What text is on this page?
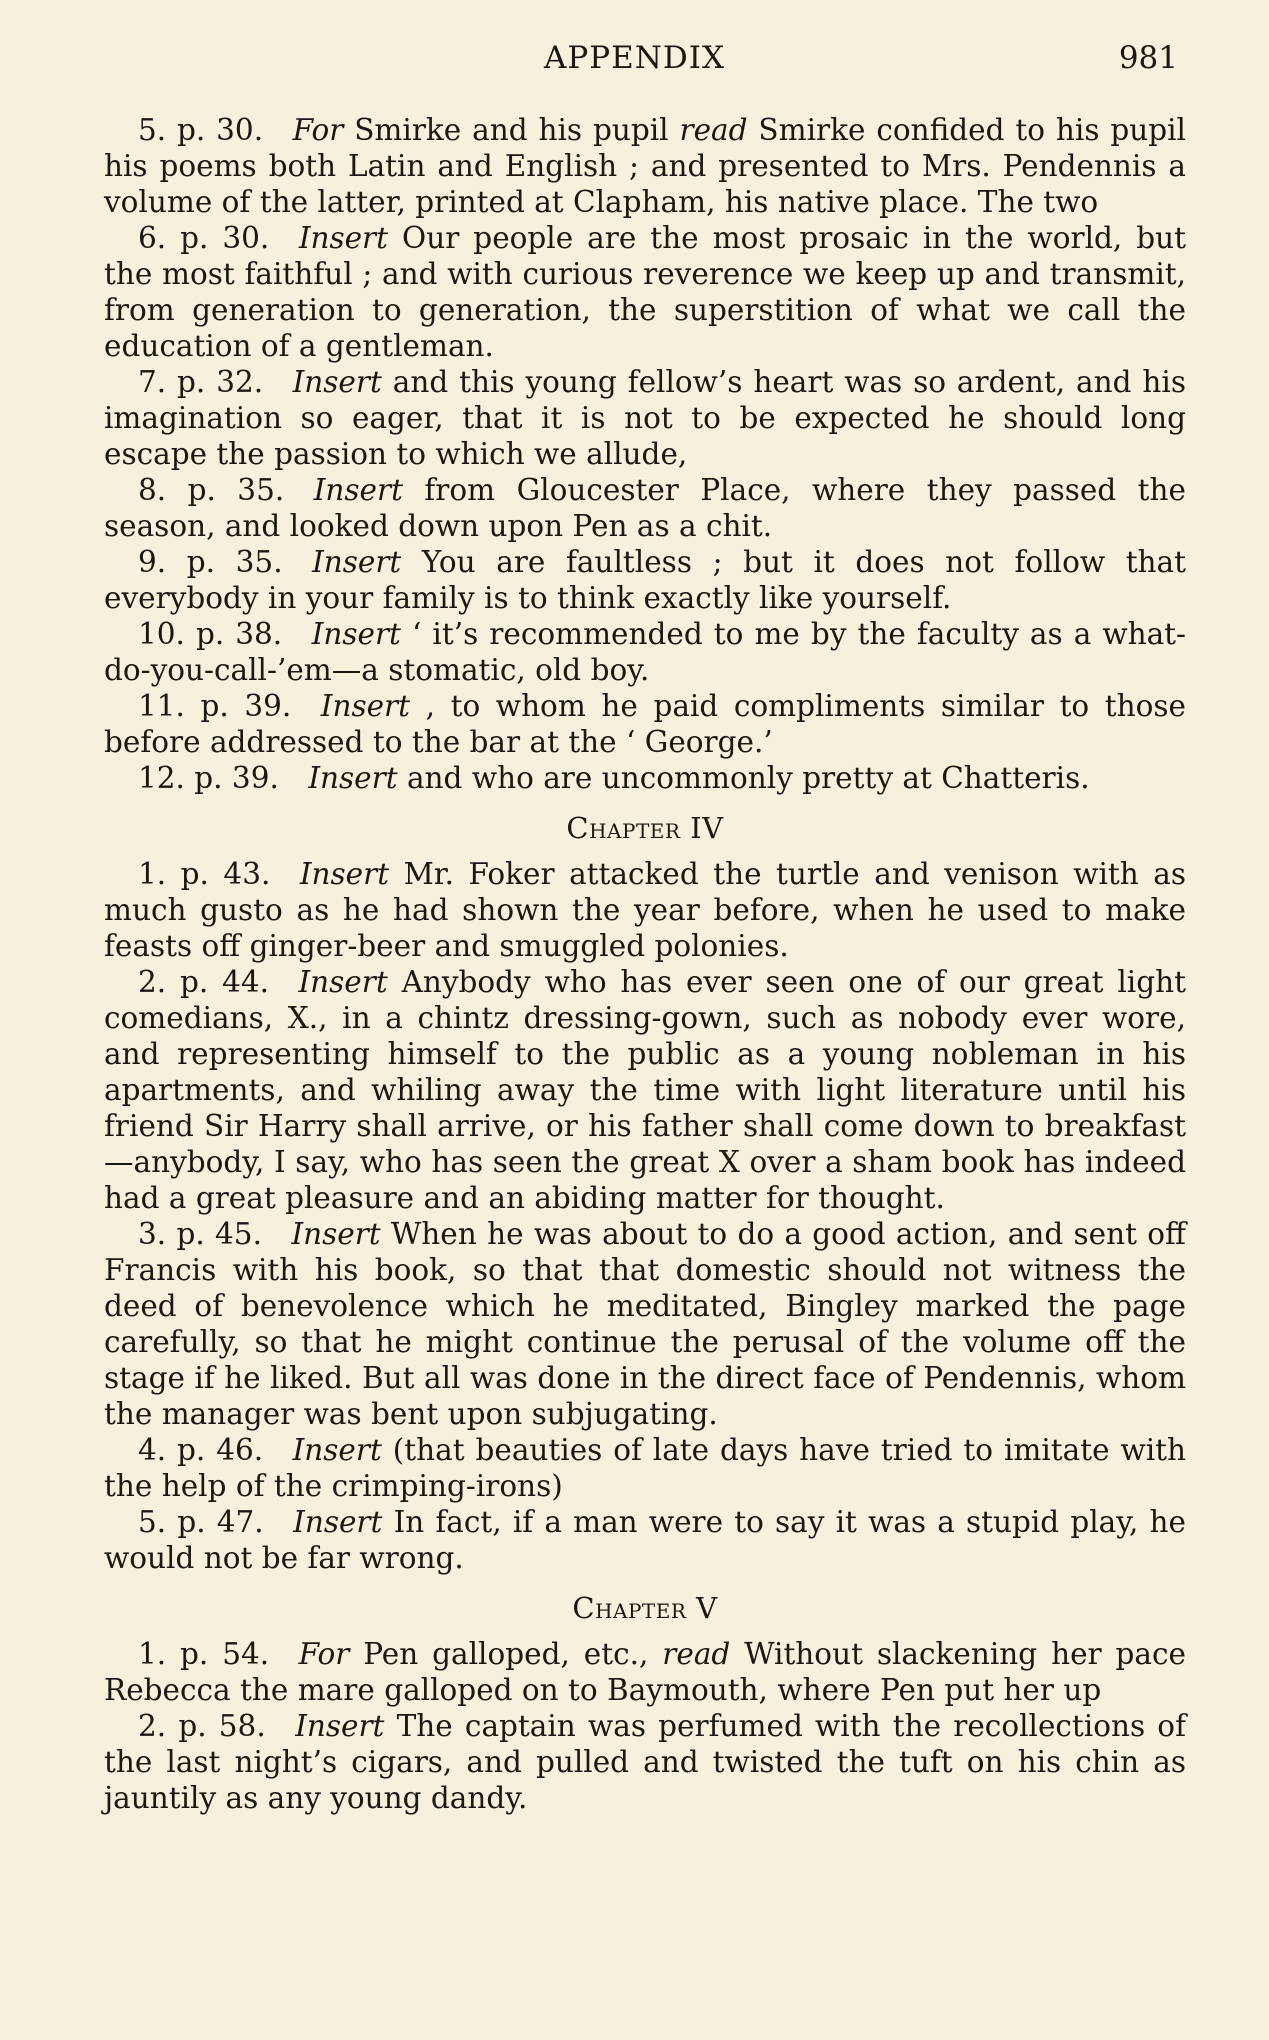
APPENDIX	981

5. p. 30.  For Smirke and his pupil read Smirke confided to his pupil his poems both Latin and English ; and presented to Mrs. Pendennis a volume of the latter, printed at Clapham, his native place. The two

6. p. 30.  Insert Our people are the most prosaic in the world, but the most faithful ; and with curious reverence we keep up and transmit, from generation to generation, the superstition of what we call the education of a gentleman.

7. p. 32.  Insert and this young fellow’s heart was so ardent, and his imagination so eager, that it is not to be expected he should long escape the passion to which we allude,

8. p. 35.  Insert from Gloucester Place, where they passed the season, and looked down upon Pen as a chit.

9. p. 35.  Insert You are faultless ; but it does not follow that everybody in your family is to think exactly like yourself.

10. p. 38.  Insert ‘ it’s recommended to me by the faculty as a what-do-you-call-’em—a stomatic, old boy.

11. p. 39.  Insert , to whom he paid compliments similar to those before addressed to the bar at the ‘ George.’

12. p. 39.  Insert and who are uncommonly pretty at Chatteris.

Chapter IV

1. p. 43.  Insert Mr. Foker attacked the turtle and venison with as much gusto as he had shown the year before, when he used to make feasts off ginger-beer and smuggled polonies.

2. p. 44.  Insert Anybody who has ever seen one of our great light comedians, X., in a chintz dressing-gown, such as nobody ever wore, and representing himself to the public as a young nobleman in his apartments, and whiling away the time with light literature until his friend Sir Harry shall arrive, or his father shall come down to breakfast—anybody, I say, who has seen the great X over a sham book has indeed had a great pleasure and an abiding matter for thought.

3. p. 45.  Insert When he was about to do a good action, and sent off Francis with his book, so that that domestic should not witness the deed of benevolence which he meditated, Bingley marked the page carefully, so that he might continue the perusal of the volume off the stage if he liked. But all was done in the direct face of Pendennis, whom the manager was bent upon subjugating.

4. p. 46.  Insert (that beauties of late days have tried to imitate with the help of the crimping-irons)

5. p. 47.  Insert In fact, if a man were to say it was a stupid play, he would not be far wrong.

Chapter V

1. p. 54.  For Pen galloped, etc., read Without slackening her pace Rebecca the mare galloped on to Baymouth, where Pen put her up

2. p. 58.  Insert The captain was perfumed with the recollections of the last night’s cigars, and pulled and twisted the tuft on his chin as jauntily as any young dandy.
